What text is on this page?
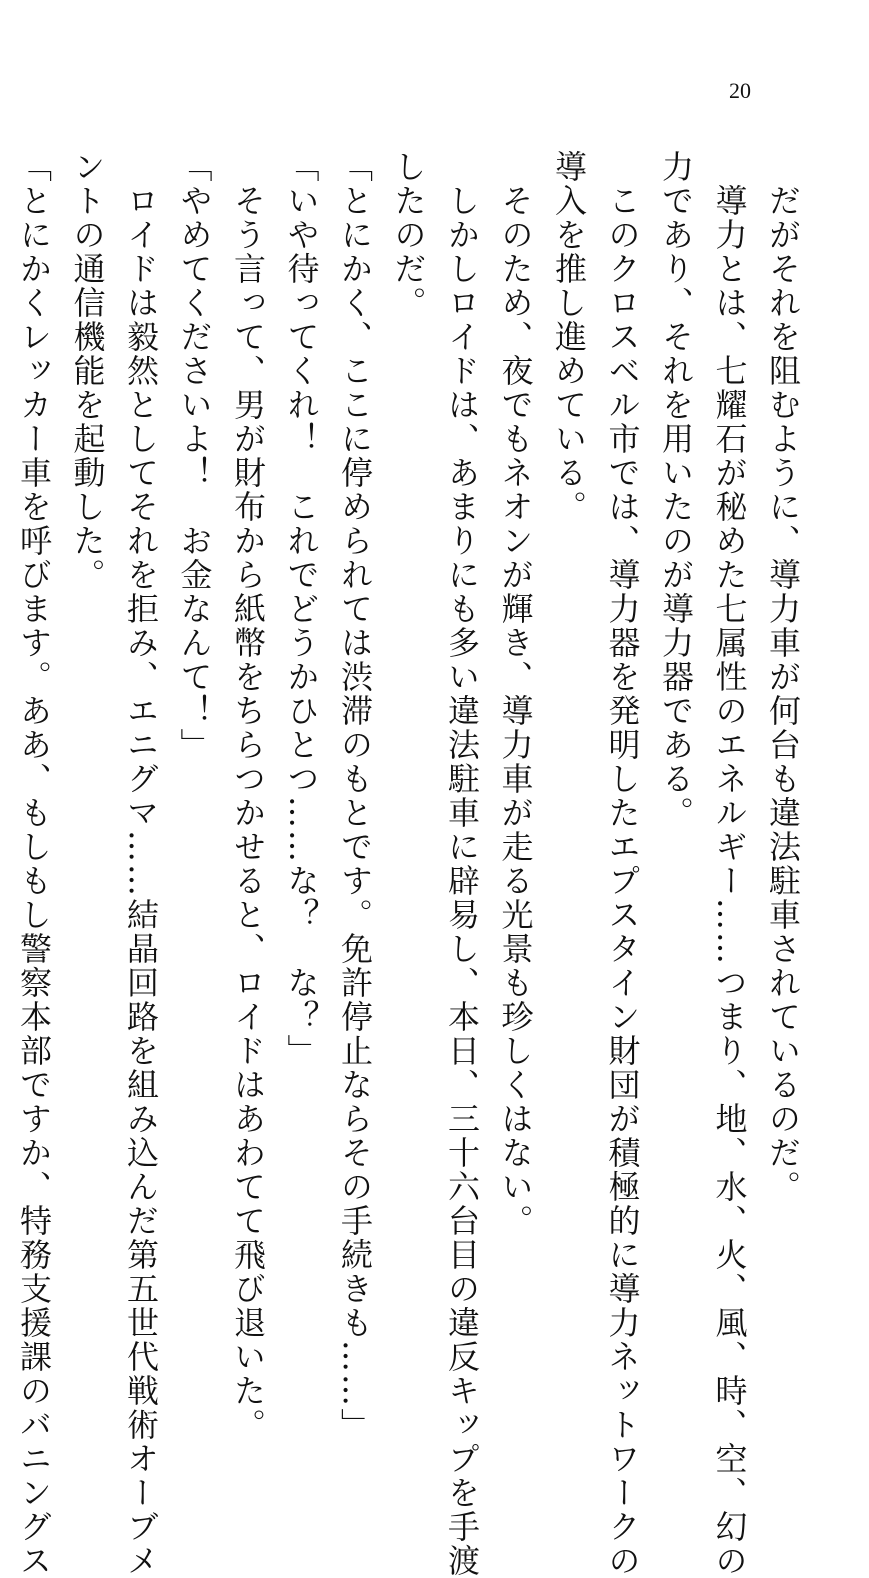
20
　だがそれを阻むように、導力車が何台も違法駐車されているのだ。
　導力とは、七耀石が秘めた七属性のエネルギー……つまり、地、水、火、風、時、空、幻の
力であり、それを用いたのが導力器である。
　このクロスベル市では、導力器を発明したエプスタイン財団が積極的に導力ネットワークの
導入を推し進めている。
　そのため、夜でもネオンが輝き、導力車が走る光景も珍しくはない。
　しかしロイドは、あまりにも多い違法駐車に辟易し、本日、三十六台目の違反キップを手渡
したのだ。
「とにかく、ここに停められては渋滞のもとです。免許停止ならその手続きも……」
「いや待ってくれ！　これでどうかひとつ……な？　な？」
　そう言って、男が財布から紙幣をちらつかせると、ロイドはあわてて飛び退いた。
「やめてくださいよ！　お金なんて！」
　ロイドは毅然としてそれを拒み、エニグマ……結晶回路を組み込んだ第五世代戦術オーブメ
ントの通信機能を起動した。
「とにかくレッカー車を呼びます。ああ、もしもし警察本部ですか、特務支援課のバニングス
